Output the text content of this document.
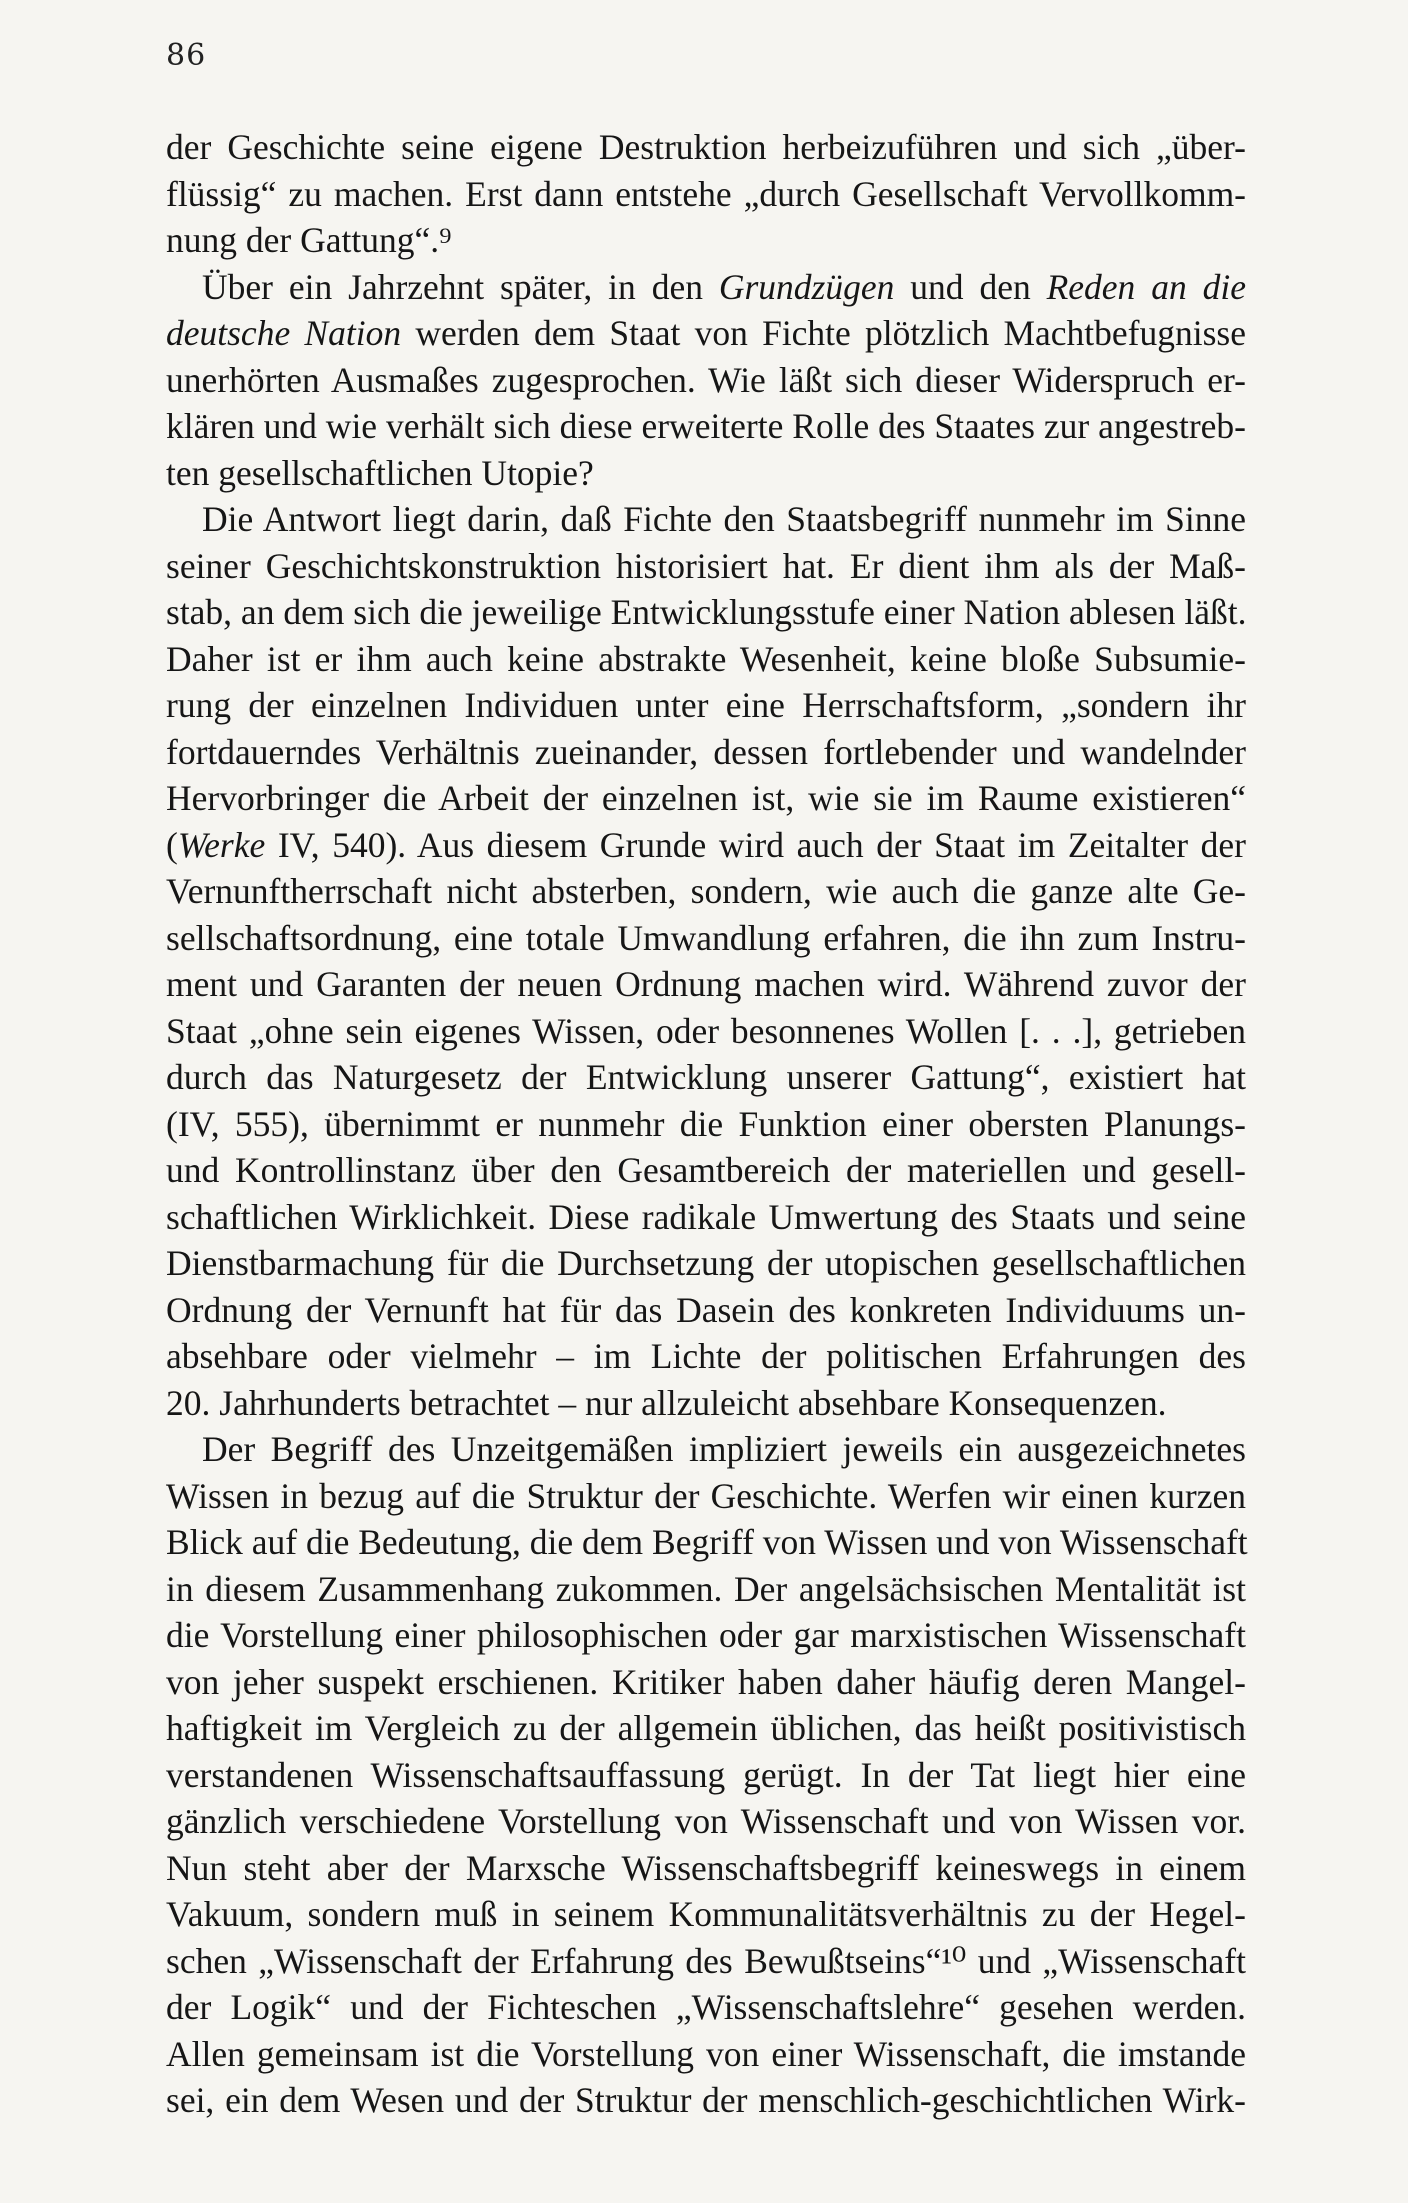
86

der Geschichte seine eigene Destruktion herbeizuführen und sich „über-
flüssig“ zu machen. Erst dann entstehe „durch Gesellschaft Vervollkomm-
nung der Gattung“.⁹

Über ein Jahrzehnt später, in den Grundzügen und den Reden an die
deutsche Nation werden dem Staat von Fichte plötzlich Machtbefugnisse
unerhörten Ausmaßes zugesprochen. Wie läßt sich dieser Widerspruch er-
klären und wie verhält sich diese erweiterte Rolle des Staates zur angestreb-
ten gesellschaftlichen Utopie?

Die Antwort liegt darin, daß Fichte den Staatsbegriff nunmehr im Sinne
seiner Geschichtskonstruktion historisiert hat. Er dient ihm als der Maß-
stab, an dem sich die jeweilige Entwicklungsstufe einer Nation ablesen läßt.
Daher ist er ihm auch keine abstrakte Wesenheit, keine bloße Subsumie-
rung der einzelnen Individuen unter eine Herrschaftsform, „sondern ihr
fortdauerndes Verhältnis zueinander, dessen fortlebender und wandelnder
Hervorbringer die Arbeit der einzelnen ist, wie sie im Raume existieren“
(Werke IV, 540). Aus diesem Grunde wird auch der Staat im Zeitalter der
Vernunftherrschaft nicht absterben, sondern, wie auch die ganze alte Ge-
sellschaftsordnung, eine totale Umwandlung erfahren, die ihn zum Instru-
ment und Garanten der neuen Ordnung machen wird. Während zuvor der
Staat „ohne sein eigenes Wissen, oder besonnenes Wollen [. . .], getrieben
durch das Naturgesetz der Entwicklung unserer Gattung“, existiert hat
(IV, 555), übernimmt er nunmehr die Funktion einer obersten Planungs-
und Kontrollinstanz über den Gesamtbereich der materiellen und gesell-
schaftlichen Wirklichkeit. Diese radikale Umwertung des Staats und seine
Dienstbarmachung für die Durchsetzung der utopischen gesellschaftlichen
Ordnung der Vernunft hat für das Dasein des konkreten Individuums un-
absehbare oder vielmehr – im Lichte der politischen Erfahrungen des
20. Jahrhunderts betrachtet – nur allzuleicht absehbare Konsequenzen.

Der Begriff des Unzeitgemäßen impliziert jeweils ein ausgezeichnetes
Wissen in bezug auf die Struktur der Geschichte. Werfen wir einen kurzen
Blick auf die Bedeutung, die dem Begriff von Wissen und von Wissenschaft
in diesem Zusammenhang zukommen. Der angelsächsischen Mentalität ist
die Vorstellung einer philosophischen oder gar marxistischen Wissenschaft
von jeher suspekt erschienen. Kritiker haben daher häufig deren Mangel-
haftigkeit im Vergleich zu der allgemein üblichen, das heißt positivistisch
verstandenen Wissenschaftsauffassung gerügt. In der Tat liegt hier eine
gänzlich verschiedene Vorstellung von Wissenschaft und von Wissen vor.
Nun steht aber der Marxsche Wissenschaftsbegriff keineswegs in einem
Vakuum, sondern muß in seinem Kommunalitätsverhältnis zu der Hegel-
schen „Wissenschaft der Erfahrung des Bewußtseins“¹⁰ und „Wissenschaft
der Logik“ und der Fichteschen „Wissenschaftslehre“ gesehen werden.
Allen gemeinsam ist die Vorstellung von einer Wissenschaft, die imstande
sei, ein dem Wesen und der Struktur der menschlich-geschichtlichen Wirk-
